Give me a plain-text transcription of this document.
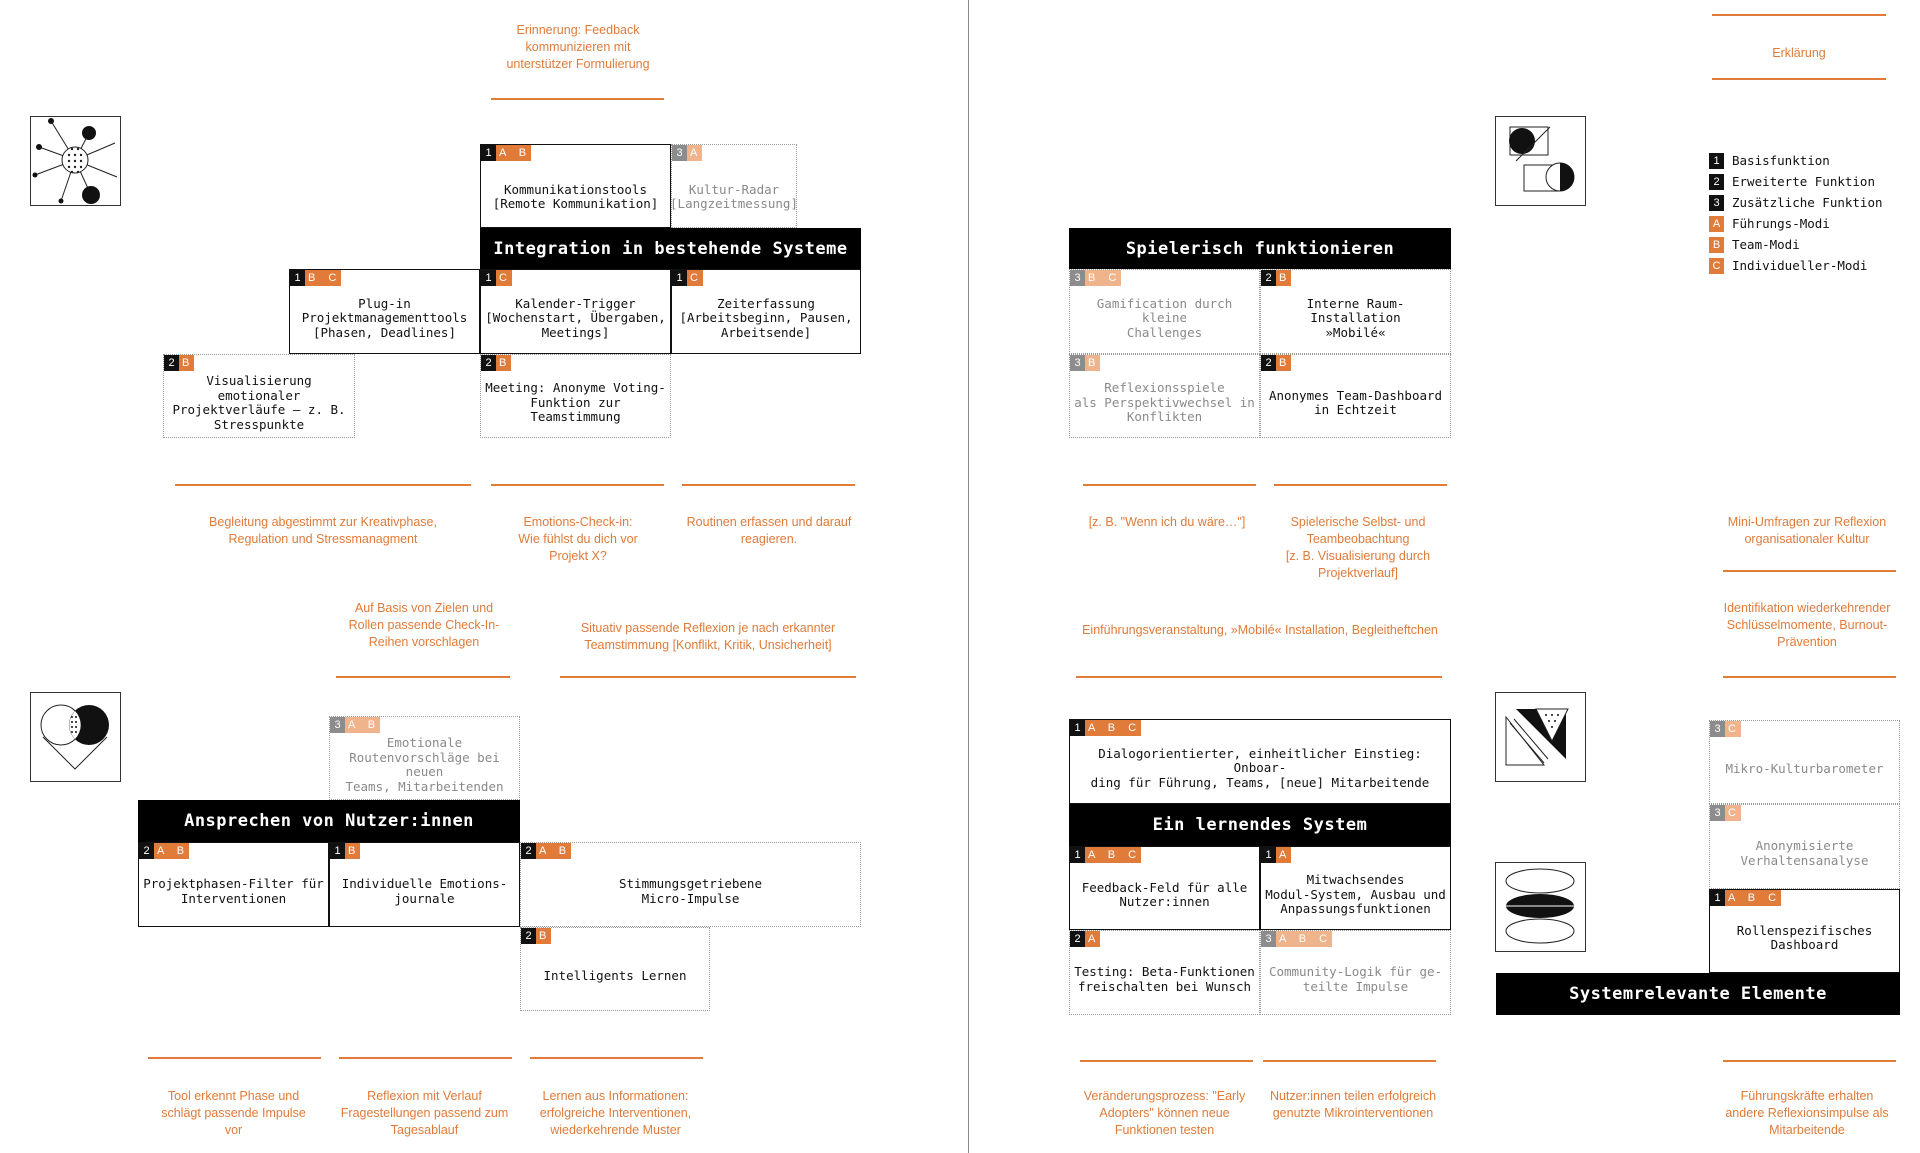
1 Basisfunktion
2 Erweiterte Funktion
3 Zusätzliche Funktion
A Führungs-Modi
B Team-Modi
C Individueller-Modi
1 A B
Kommunikationstools
[Remote Kommunikation]
3 A
Kultur-Radar
[Langzeitmessung]
Integration in bestehende Systeme
1 B C
Plug-in
Projektmanagementtools
[Phasen, Deadlines]
1 C
Kalender-Trigger
[Wochenstart, Übergaben,
Meetings]
1 C
Zeiterfassung
[Arbeitsbeginn, Pausen,
Arbeitsende]
2 B
Visualisierung emotionaler
Projektverläufe – z. B.
Stresspunkte
2 B
Meeting: Anonyme Voting-
Funktion zur Teamstimmung
Spielerisch funktionieren
3 B C
Gamification durch kleine
Challenges
2 B
Interne Raum-Installation
»Mobilé«
3 B
Reflexionsspiele
als Perspektivwechsel in
Konflikten
2 B
Anonymes Team-Dashboard
in Echtzeit
3 A B
Emotionale
Routenvorschläge bei neuen
Teams, Mitarbeitenden
Ansprechen von Nutzer:innen
2 A B
Projektphasen-Filter für
Interventionen
1 B
Individuelle Emotions-
journale
2 A B
Stimmungsgetriebene
Micro-Impulse
2 B
Intelligents Lernen
1 A B C
Dialogorientierter, einheitlicher Einstieg: Onboar-
ding für Führung, Teams, [neue] Mitarbeitende
Ein lernendes System
1 A B C
Feedback-Feld für alle
Nutzer:innen
1 A
Mitwachsendes
Modul-System, Ausbau und
Anpassungsfunktionen
2 A
Testing: Beta-Funktionen
freischalten bei Wunsch
3 A B C
Community-Logik für ge-
teilte Impulse
3 C
Mikro-Kulturbarometer
3 C
Anonymisierte
Verhaltensanalyse
1 A B C
Rollenspezifisches
Dashboard
Systemrelevante Elemente
Erinnerung: Feedback
kommunizieren mit
unterstützer Formulierung
Erklärung
Begleitung abgestimmt zur Kreativphase,
Regulation und Stressmanagment
Emotions-Check-in:
Wie fühlst du dich vor
Projekt X?
Routinen erfassen und darauf
reagieren.
[z. B. "Wenn ich du wäre…"]	Spielerische Selbst- und
Teambeobachtung
[z. B. Visualisierung durch
Projektverlauf]
Mini-Umfragen zur Reflexion
organisationaler Kultur
Auf Basis von Zielen und
Rollen passende Check-In-
Reihen vorschlagen
Situativ passende Reflexion je nach erkannter
Teamstimmung [Konflikt, Kritik, Unsicherheit]
Einführungsveranstaltung, »Mobilé« Installation, Begleitheftchen
Identifikation wiederkehrender
Schlüsselmomente, Burnout-
Prävention
Tool erkennt Phase und
schlägt passende Impulse
vor
Reflexion mit Verlauf
Fragestellungen passend zum
Tagesablauf
Lernen aus Informationen:
erfolgreiche Interventionen,
wiederkehrende Muster
Veränderungsprozess: "Early
Adopters" können neue
Funktionen testen
Nutzer:innen teilen erfolgreich
genutzte Mikrointerventionen
Führungskräfte erhalten
andere Reflexionsimpulse als
Mitarbeitende
